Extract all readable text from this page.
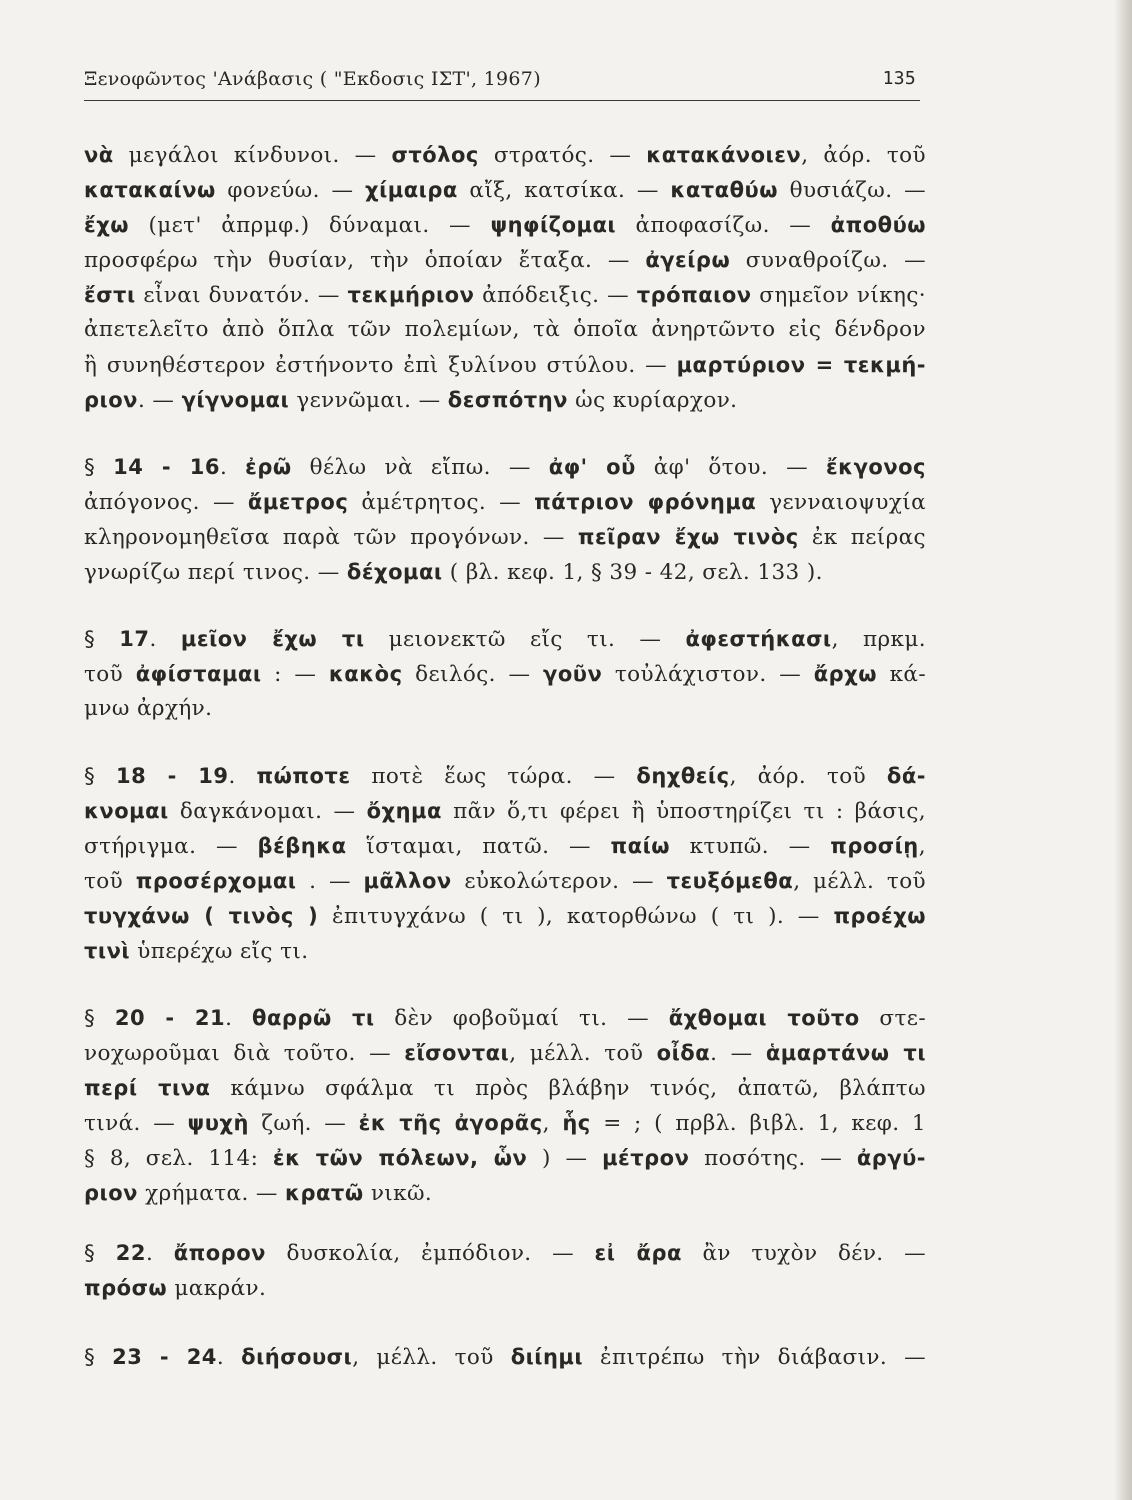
Ξενοφῶντος 'Ανάβασις ( "Εκδοσις ΙΣΤ', 1967)	135
νὰ μεγάλοι κίνδυνοι. — στόλος στρατός. — κατακάνοιεν, ἀόρ. τοῦ
κατακαίνω φονεύω. — χίμαιρα αἴξ, κατσίκα. — καταθύω θυσιάζω. —
ἔχω (μετ' ἀπρμφ.) δύναμαι. — ψηφίζομαι ἀποφασίζω. — ἀποθύω
προσφέρω τὴν θυσίαν, τὴν ὁποίαν ἔταξα. — ἀγείρω συναθροίζω. —
ἔστι εἶναι δυνατόν. — τεκμήριον ἀπόδειξις. — τρόπαιον σημεῖον νίκης·
ἀπετελεῖτο ἀπὸ ὅπλα τῶν πολεμίων, τὰ ὁποῖα ἀνηρτῶντο εἰς δένδρον
ἢ συνηθέστερον ἐστήνοντο ἐπὶ ξυλίνου στύλου. — μαρτύριον = τεκμή-
ριον. — γίγνομαι γεννῶμαι. — δεσπότην ὡς κυρίαρχον.
§ 14 - 16. ἐρῶ θέλω νὰ εἴπω. — ἀφ' οὗ ἀφ' ὅτου. — ἔκγονος
ἀπόγονος. — ἄμετρος ἀμέτρητος. — πάτριον φρόνημα γενναιοψυχία
κληρονομηθεῖσα παρὰ τῶν προγόνων. — πεῖραν ἔχω τινὸς ἐκ πείρας
γνωρίζω περί τινος. — δέχομαι ( βλ. κεφ. 1, § 39 - 42, σελ. 133 ).
§ 17. μεῖον ἔχω τι μειονεκτῶ εἴς τι. — ἀφεστήκασι, πρκμ.
τοῦ ἀφίσταμαι : — κακὸς δειλός. — γοῦν τοὐλάχιστον. — ἄρχω κά-
μνω ἀρχήν.
§ 18 - 19. πώποτε ποτὲ ἕως τώρα. — δηχθείς, ἀόρ. τοῦ δά-
κνομαι δαγκάνομαι. — ὄχημα πᾶν ὅ,τι φέρει ἢ ὑποστηρίζει τι : βάσις,
στήριγμα. — βέβηκα ἵσταμαι, πατῶ. — παίω κτυπῶ. — προσίῃ,
τοῦ προσέρχομαι . — μᾶλλον εὐκολώτερον. — τευξόμεθα, μέλλ. τοῦ
τυγχάνω ( τινὸς ) ἐπιτυγχάνω ( τι ), κατορθώνω ( τι ). — προέχω
τινὶ ὑπερέχω εἴς τι.
§ 20 - 21. θαρρῶ τι δὲν φοβοῦμαί τι. — ἄχθομαι τοῦτο στε-
νοχωροῦμαι διὰ τοῦτο. — εἴσονται, μέλλ. τοῦ οἶδα. — ἁμαρτάνω τι
περί τινα κάμνω σφάλμα τι πρὸς βλάβην τινός, ἀπατῶ, βλάπτω
τινά. — ψυχὴ ζωή. — ἐκ τῆς ἀγορᾶς, ἧς = ; ( πρβλ. βιβλ. 1, κεφ. 1
§ 8, σελ. 114: ἐκ τῶν πόλεων, ὧν ) — μέτρον ποσότης. — ἀργύ-
ριον χρήματα. — κρατῶ νικῶ.
§ 22. ἄπορον δυσκολία, ἐμπόδιον. — εἰ ἄρα ἂν τυχὸν δέν. —
πρόσω μακράν.
§ 23 - 24. διήσουσι, μέλλ. τοῦ διίημι ἐπιτρέπω τὴν διάβασιν. —
